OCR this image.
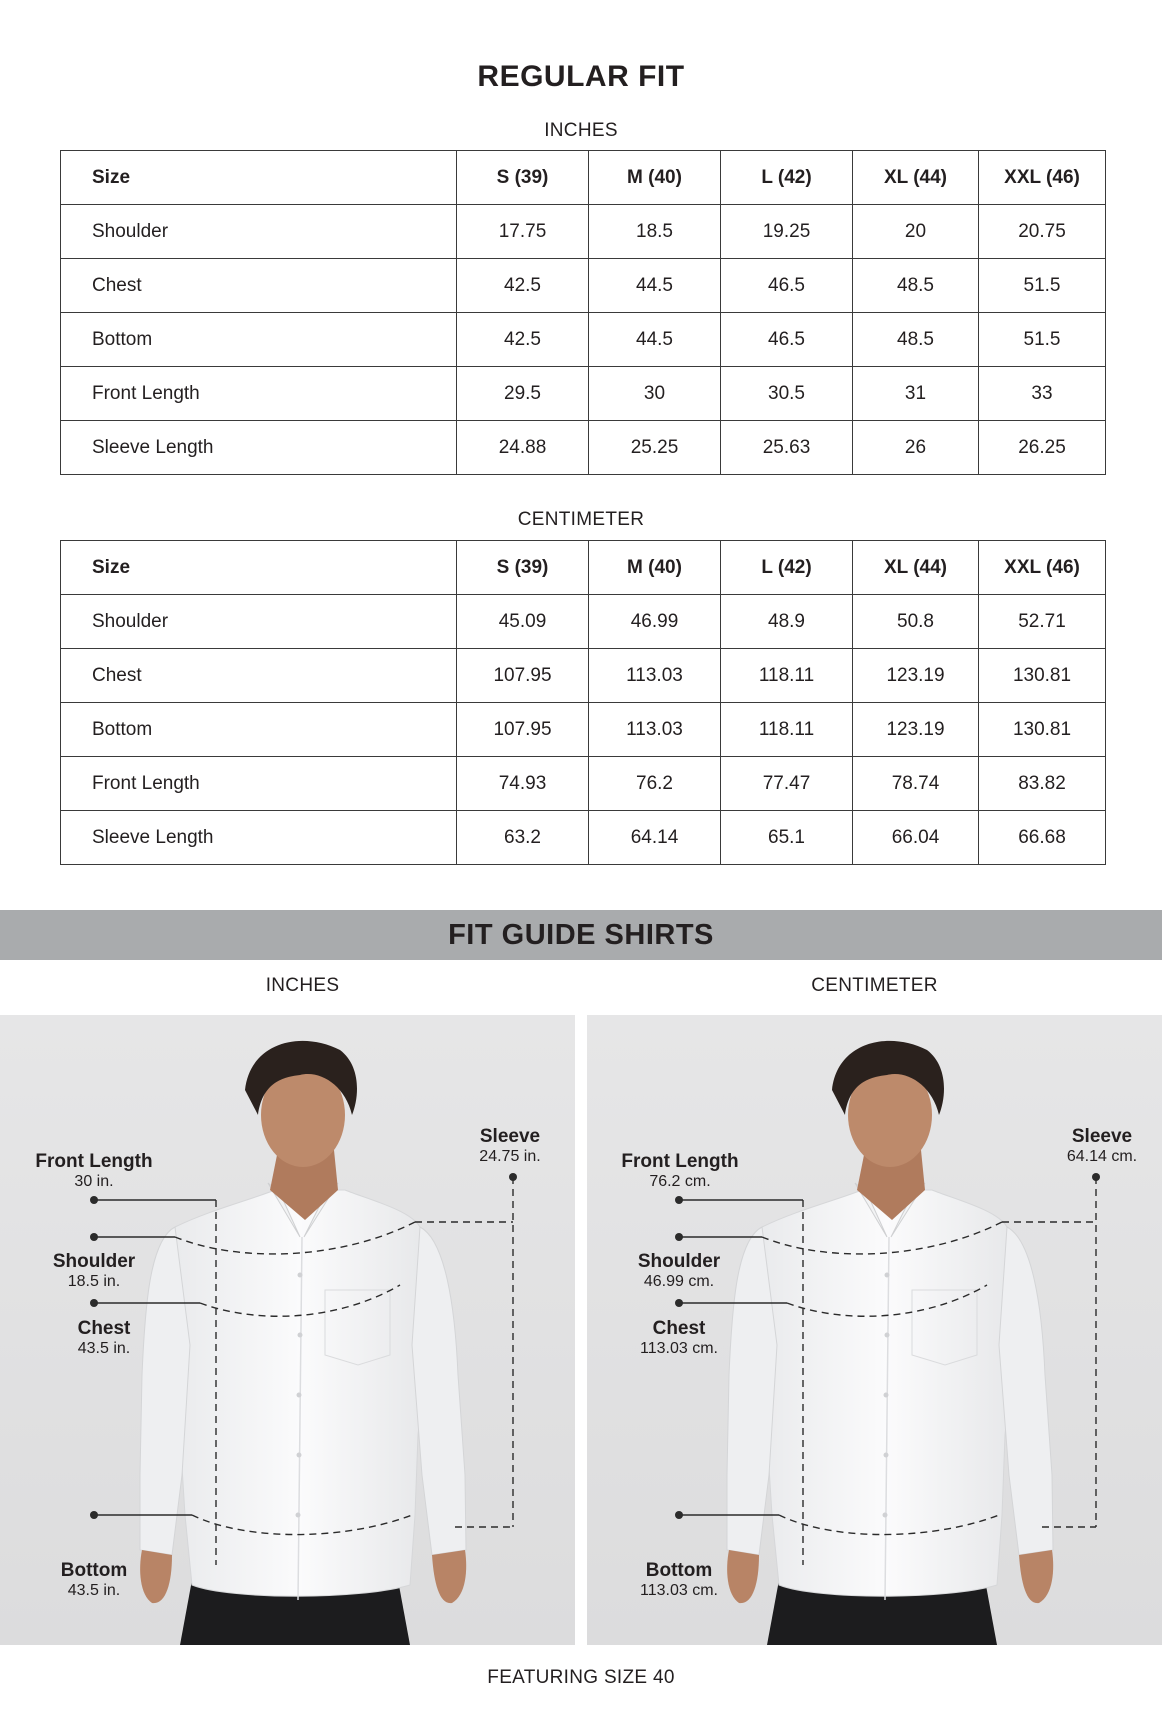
REGULAR FIT
INCHES
Size	S (39)	M (40)	L (42)	XL (44)	XXL (46)
Shoulder	17.75	18.5	19.25	20	20.75
Chest	42.5	44.5	46.5	48.5	51.5
Bottom	42.5	44.5	46.5	48.5	51.5
Front Length	29.5	30	30.5	31	33
Sleeve Length	24.88	25.25	25.63	26	26.25
CENTIMETER
Size	S (39)	M (40)	L (42)	XL (44)	XXL (46)
Shoulder	45.09	46.99	48.9	50.8	52.71
Chest	107.95	113.03	118.11	123.19	130.81
Bottom	107.95	113.03	118.11	123.19	130.81
Front Length	74.93	76.2	77.47	78.74	83.82
Sleeve Length	63.2	64.14	65.1	66.04	66.68
FIT GUIDE SHIRTS
INCHES	CENTIMETER
Front Length
30 in.
Sleeve
24.75 in.
Shoulder
18.5 in.
Chest
43.5 in.
Bottom
43.5 in.
Front Length
76.2 cm.
Sleeve
64.14 cm.
Shoulder
46.99 cm.
Chest
113.03 cm.
Bottom
113.03 cm.
FEATURING SIZE 40
